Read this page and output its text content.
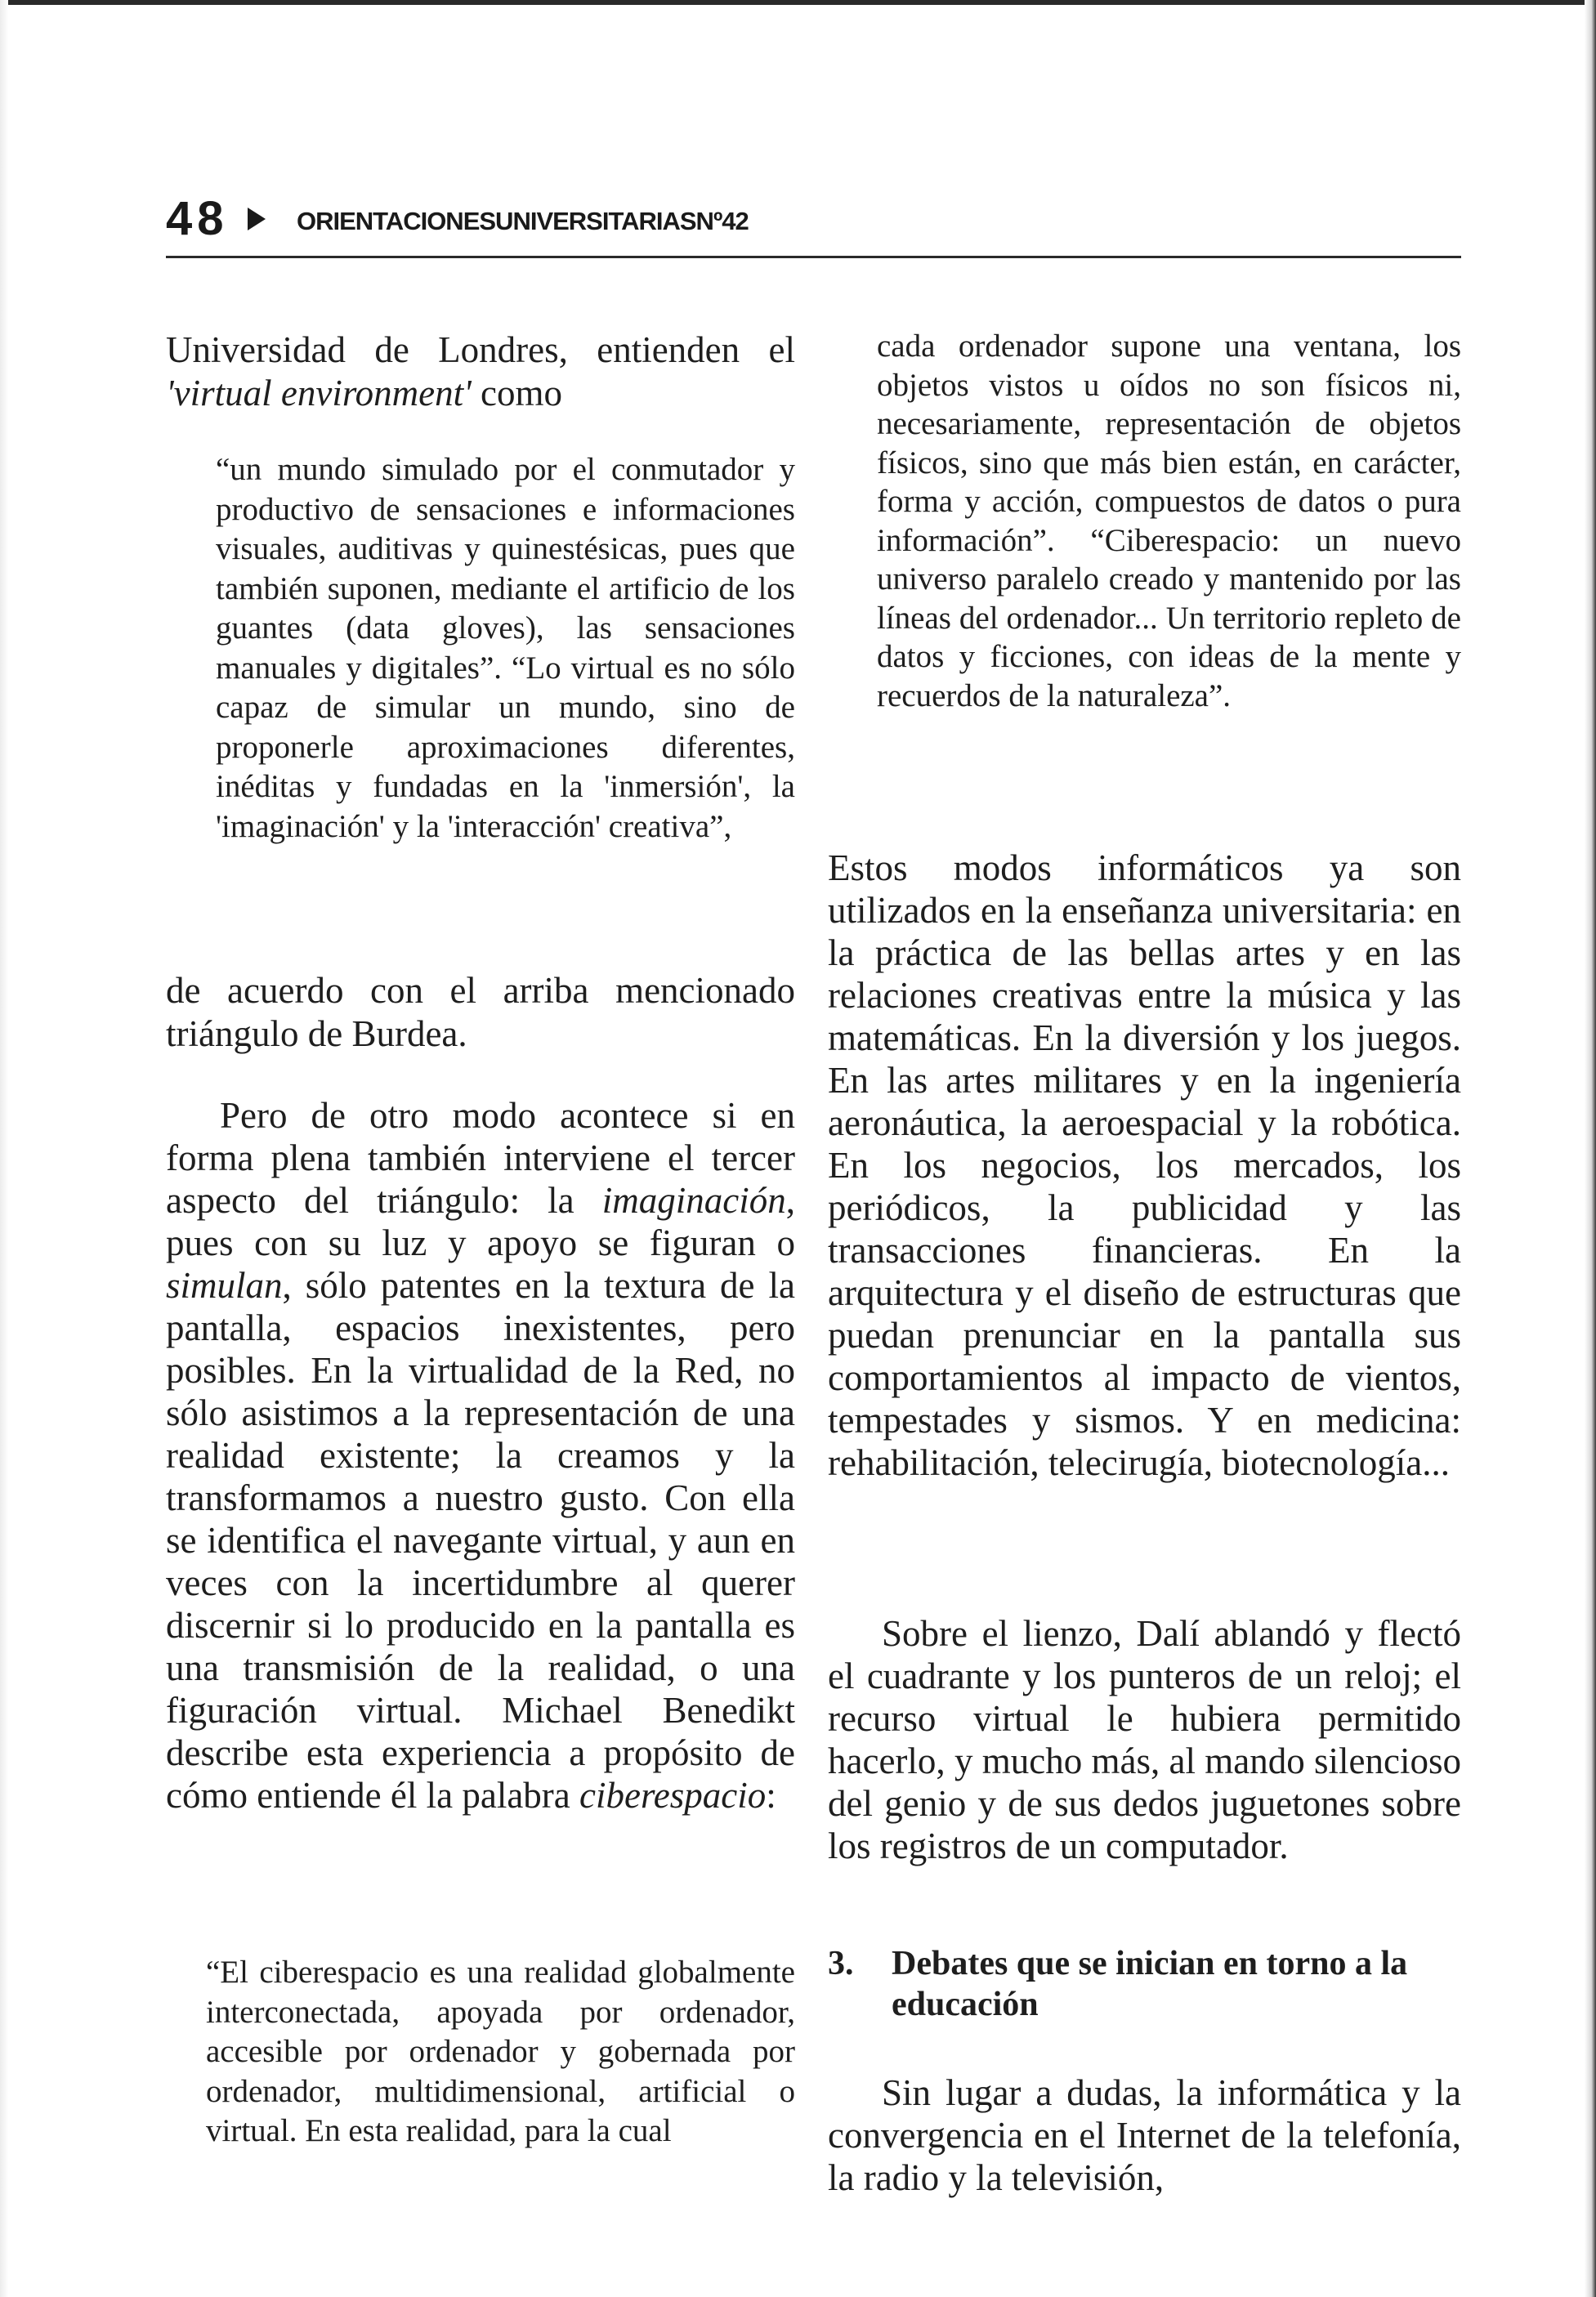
48	ORIENTACIONESUNIVERSITARIASNº42

Universidad de Londres, entienden el 'virtual environment' como

“un mundo simulado por el conmutador y productivo de sensaciones e informaciones visuales, auditivas y quinestésicas, pues que también suponen, mediante el artificio de los guantes (data gloves), las sensaciones manuales y digitales”. “Lo virtual es no sólo capaz de simular un mundo, sino de proponerle aproximaciones diferentes, inéditas y fundadas en la 'inmersión', la 'imaginación' y la 'interacción' creativa”,

de acuerdo con el arriba mencionado triángulo de Burdea.

Pero de otro modo acontece si en forma plena también interviene el tercer aspecto del triángulo: la imaginación, pues con su luz y apoyo se figuran o simulan, sólo patentes en la textura de la pantalla, espacios inexistentes, pero posibles. En la virtualidad de la Red, no sólo asistimos a la representación de una realidad existente; la creamos y la transformamos a nuestro gusto. Con ella se identifica el navegante virtual, y aun en veces con la incertidumbre al querer discernir si lo producido en la pantalla es una transmisión de la realidad, o una figuración virtual. Michael Benedikt describe esta experiencia a propósito de cómo entiende él la palabra ciberespacio:

“El ciberespacio es una realidad globalmente interconectada, apoyada por ordenador, accesible por ordenador y gobernada por ordenador, multidimensional, artificial o virtual. En esta realidad, para la cual

cada ordenador supone una ventana, los objetos vistos u oídos no son físicos ni, necesariamente, representación de objetos físicos, sino que más bien están, en carácter, forma y acción, compuestos de datos o pura información”. “Ciberespacio: un nuevo universo paralelo creado y mantenido por las líneas del ordenador... Un territorio repleto de datos y ficciones, con ideas de la mente y recuerdos de la naturaleza”.

Estos modos informáticos ya son utilizados en la enseñanza universitaria: en la práctica de las bellas artes y en las relaciones creativas entre la música y las matemáticas. En la diversión y los juegos. En las artes militares y en la ingeniería aeronáutica, la aeroespacial y la robótica. En los negocios, los mercados, los periódicos, la publicidad y las transacciones financieras. En la arquitectura y el diseño de estructuras que puedan prenunciar en la pantalla sus comportamientos al impacto de vientos, tempestades y sismos. Y en medicina: rehabilitación, telecirugía, biotecnología...

Sobre el lienzo, Dalí ablandó y flectó el cuadrante y los punteros de un reloj; el recurso virtual le hubiera permitido hacerlo, y mucho más, al mando silencioso del genio y de sus dedos juguetones sobre los registros de un computador.

3. Debates que se inician en torno a la educación

Sin lugar a dudas, la informática y la convergencia en el Internet de la telefonía, la radio y la televisión,
